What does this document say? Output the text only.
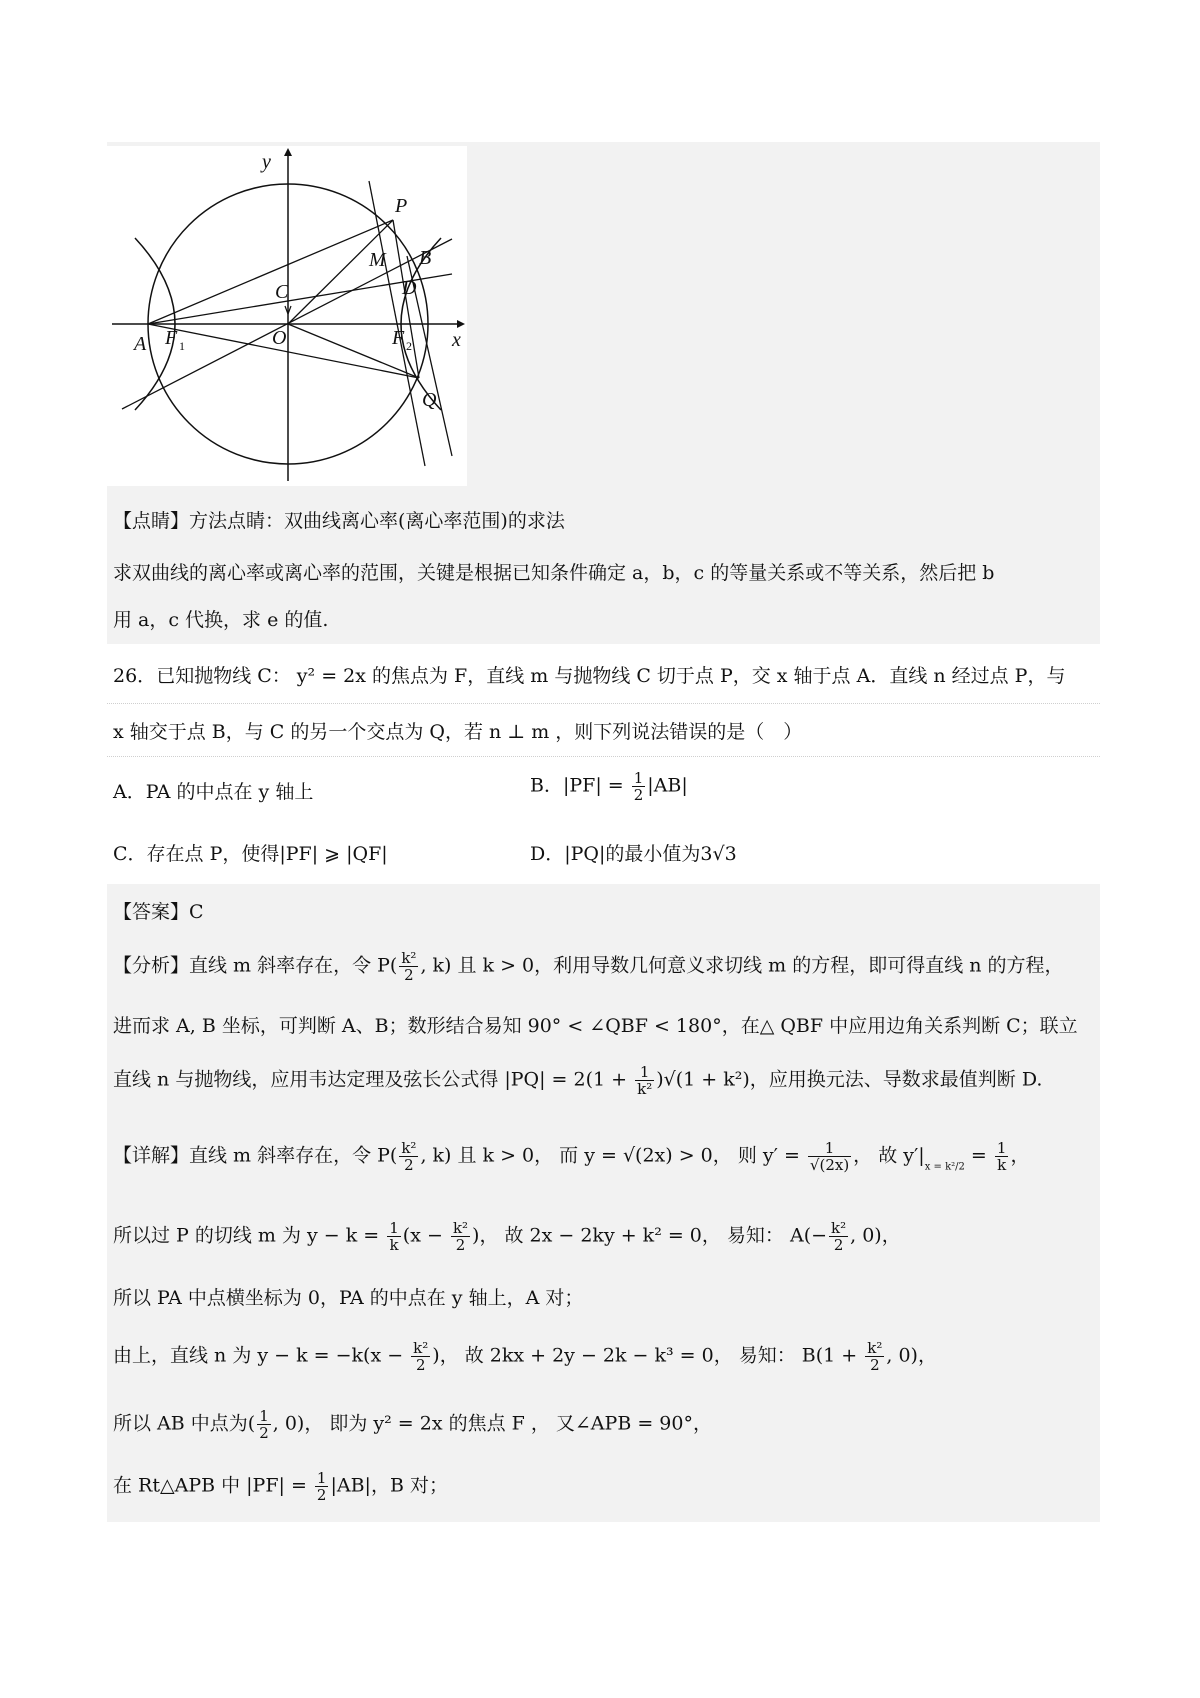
y
x
P
M B
C	D
O
A F 1	F 2
Q
【点睛】方法点睛：双曲线离心率(离心率范围)的求法
求双曲线的离心率或离心率的范围，关键是根据已知条件确定 a，b，c 的等量关系或不等关系，然后把 b
用 a，c 代换，求 e 的值.
26．已知抛物线 C： y² = 2x 的焦点为 F，直线 m 与抛物线 C 切于点 P，交 x 轴于点 A．直线 n 经过点 P，与
x 轴交于点 B，与 C 的另一个交点为 Q，若 n ⊥ m ，则下列说法错误的是（　）
A．PA 的中点在 y 轴上	B．$|PF| = \frac{1}{2} |AB|$
C．存在点 P，使得|PF| ⩾ |QF|	D．|PQ|的最小值为3√3
【答案】C
【分析】直线 m 斜率存在，令 $P( \frac{\text{k²}}{2}$ , k) 且 k > 0，利用导数几何意义求切线 m 的方程，即可得直线 n 的方程，
进而求 A, B 坐标，可判断 A、B；数形结合易知 90° < ∠QBF < 180°，在△ QBF 中应用边角关系判断 C；联立
直线 n 与抛物线，应用韦达定理及弦长公式得 $|PQ| = 2(1 + \frac{1}{\text{k²}} )√(1 + k^2)$，应用换元法、导数求最值判断 D.
【详解】直线 m 斜率存在，令 $P( \frac{\text{k²}}{2}$ , k) 且 k > 0， 而 y = √(2x) > 0， 则 $y' = \frac{1}{√(2x)}$ ， 故 $y'|_{x = k^2/2} = \frac{1}{k}$ ，
所以过 P 的切线 m 为 $y - k = \frac{1}{k} (x - \frac{\text{k²}}{2}$ )， 故 2x − 2ky + k² = 0， 易知： $A(- \frac{\text{k²}}{2}$ , 0)，
所以 PA 中点横坐标为 0，PA 的中点在 y 轴上，A 对；
由上，直线 n 为 $y - k = -k(x - \frac{\text{k²}}{2}$ )， 故 2kx + 2y − 2k − k³ = 0， 易知： $B(1 + \frac{\text{k²}}{2}$ , 0)，
所以 AB 中点为( $\frac{1}{2}$ , 0)， 即为 y² = 2x 的焦点 F ， 又∠APB = 90°，
在 Rt△APB 中 $|PF| = \frac{1}{2} |AB|$，B 对；
